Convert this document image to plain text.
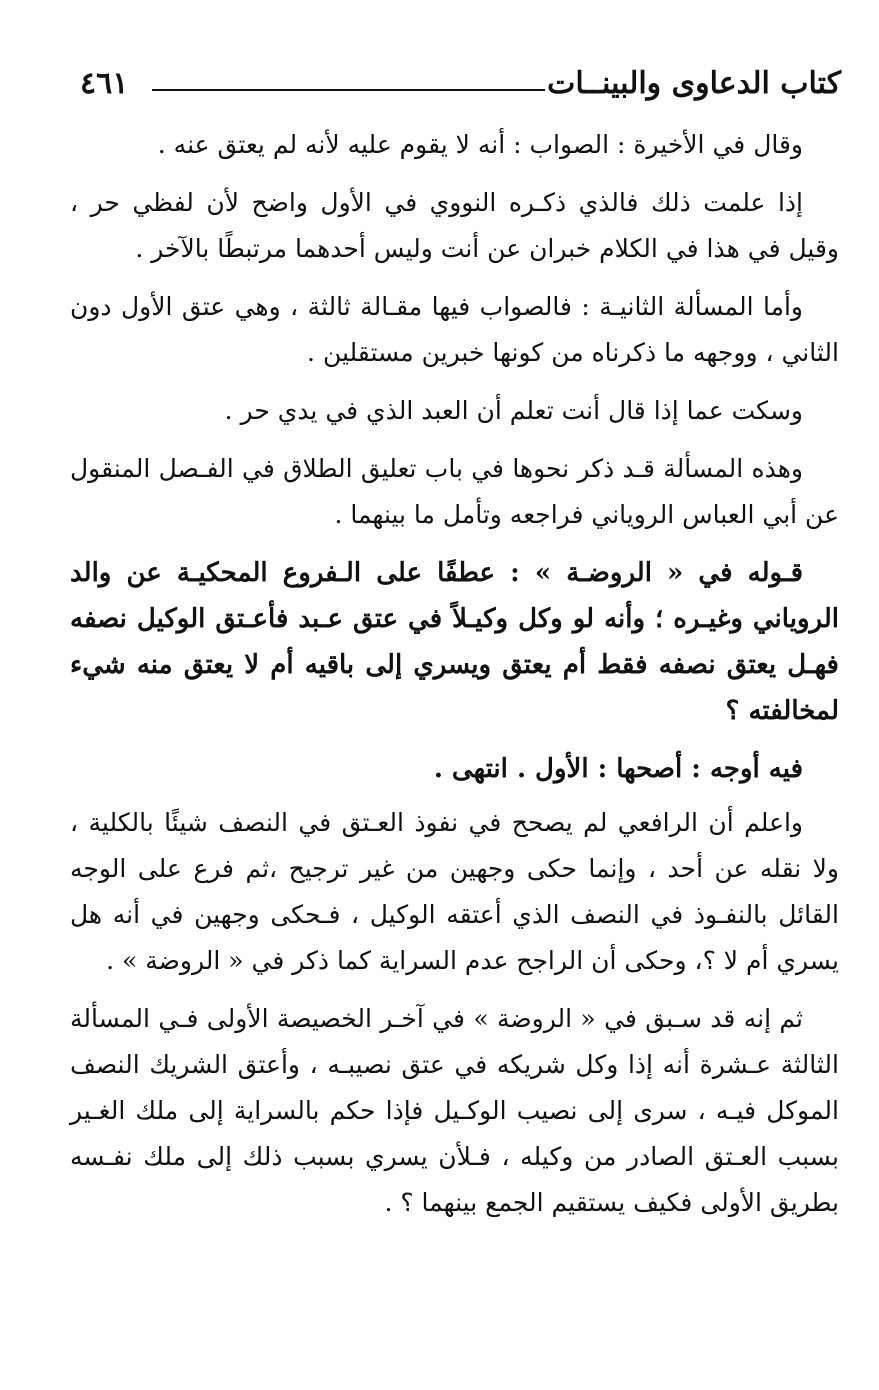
كتاب الدعاوى والبينــات
٤٦١

وقال في الأخيرة : الصواب : أنه لا يقوم عليه لأنه لم يعتق عنه .

إذا علمت ذلك فالذي ذكـره النووي في الأول واضح لأن لفظي حر ، وقيل في هذا في الكلام خبران عن أنت وليس أحدهما مرتبطًا بالآخر .

وأما المسألة الثانيـة : فالصواب فيها مقـالة ثالثة ، وهي عتق الأول دون الثاني ، ووجهه ما ذكرناه من كونها خبرين مستقلين .

وسكت عما إذا قال أنت تعلم أن العبد الذي في يدي حر .

وهذه المسألة قـد ذكر نحوها في باب تعليق الطلاق في الفـصل المنقول عن أبي العباس الروياني فراجعه وتأمل ما بينهما .

قـوله في « الروضـة » : عطفًا على الـفروع المحكيـة عن والد الروياني وغيـره ؛ وأنه لو وكل وكيـلاً في عتق عـبد فأعـتق الوكيل نصفه فهـل يعتق نصفه فقط أم يعتق ويسري إلى باقيه أم لا يعتق منه شيء لمخالفته ؟

فيه أوجه : أصحها : الأول . انتهى .

واعلم أن الرافعي لم يصحح في نفوذ العـتق في النصف شيئًا بالكلية ، ولا نقله عن أحد ، وإنما حكى وجهين من غير ترجيح ،ثم فرع على الوجه القائل بالنفـوذ في النصف الذي أعتقه الوكيل ، فـحكى وجهين في أنه هل يسري أم لا ؟، وحكى أن الراجح عدم السراية كما ذكر في « الروضة » .

ثم إنه قد سـبق في « الروضة » في آخـر الخصيصة الأولى فـي المسألة الثالثة عـشرة أنه إذا وكل شريكه في عتق نصيبـه ، وأعتق الشريك النصف الموكل فيـه ، سرى إلى نصيب الوكـيل فإذا حكم بالسراية إلى ملك الغـير بسبب العـتق الصادر من وكيله ، فـلأن يسري بسبب ذلك إلى ملك نفـسه بطريق الأولى فكيف يستقيم الجمع بينهما ؟ .
